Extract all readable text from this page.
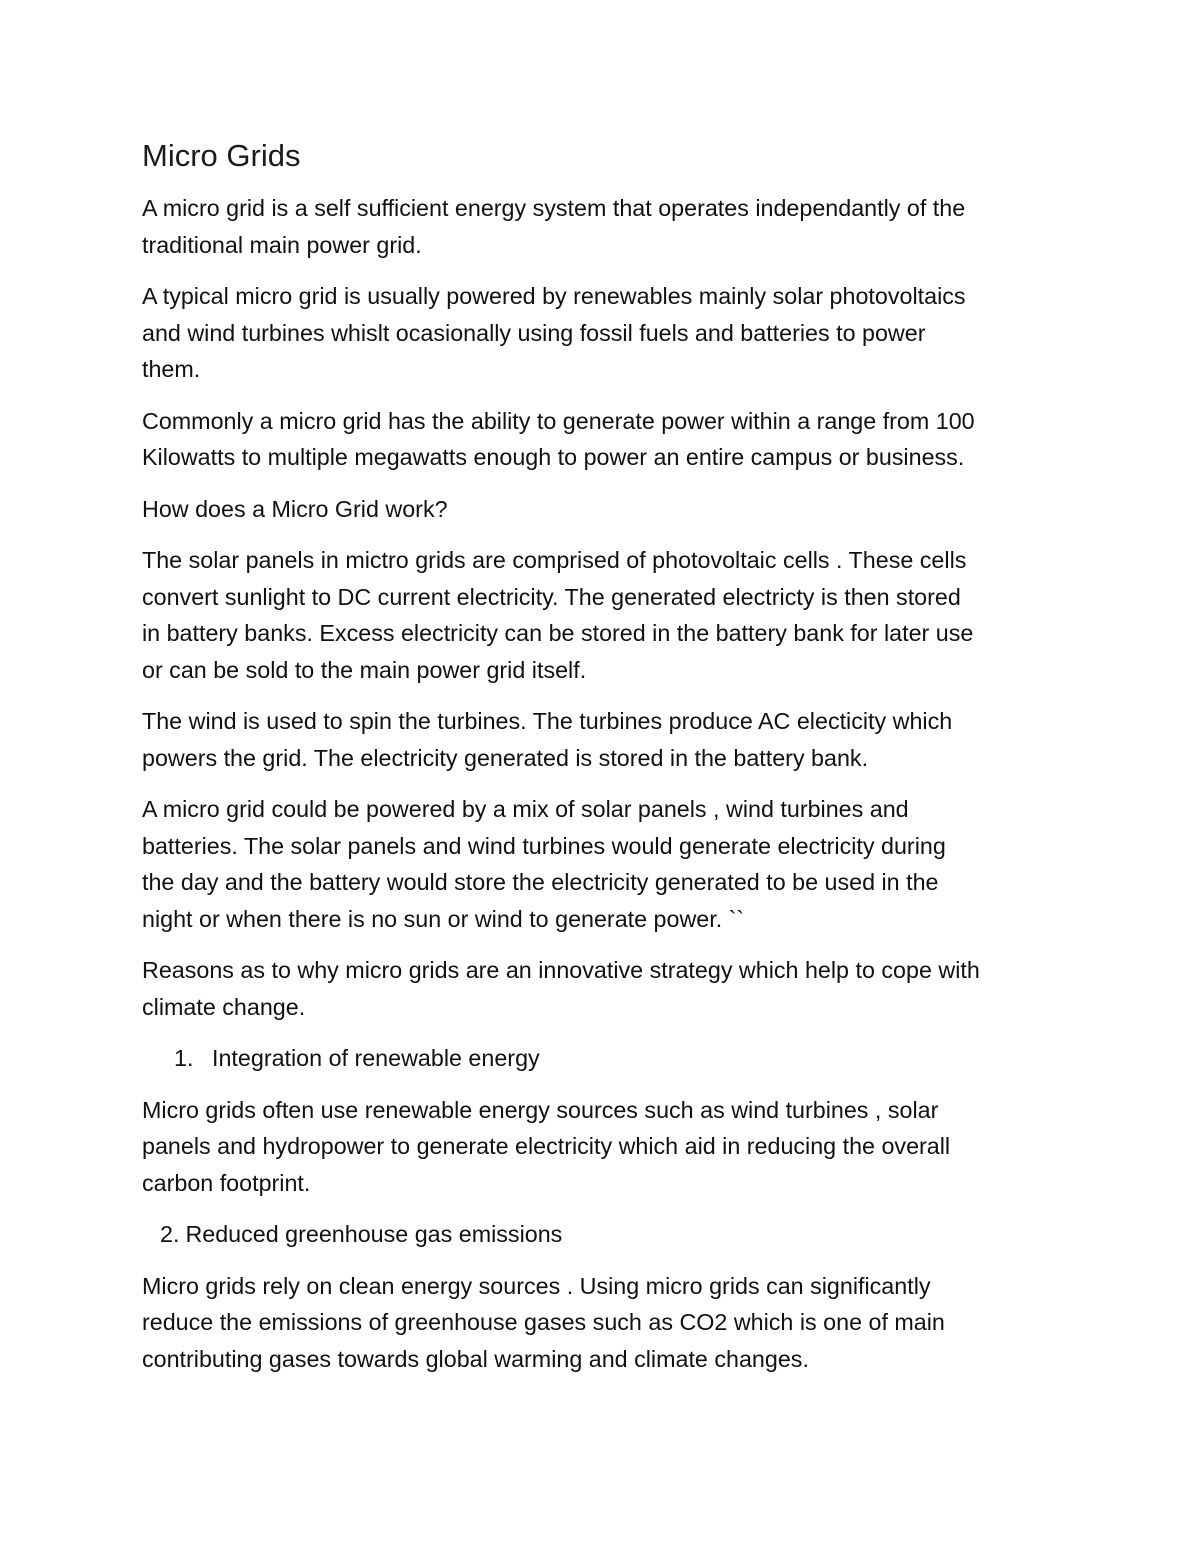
Micro Grids

A micro grid is a self sufficient energy system that operates independantly of the
traditional main power grid.

A typical micro grid is usually powered by renewables mainly solar photovoltaics
and wind turbines whislt ocasionally using fossil fuels and batteries to power
them.

Commonly a micro grid has the ability to generate power within a range from 100
Kilowatts to multiple megawatts enough to power an entire campus or business.

How does a Micro Grid work?

The solar panels in mictro grids are comprised of photovoltaic cells . These cells
convert sunlight to DC current electricity. The generated electricty is then stored
in battery banks. Excess electricity can be stored in the battery bank for later use
or can be sold to the main power grid itself.

The wind is used to spin the turbines. The turbines produce AC electicity which
powers the grid. The electricity generated is stored in the battery bank.

A micro grid could be powered by a mix of solar panels , wind turbines and
batteries. The solar panels and wind turbines would generate electricity during
the day and the battery would store the electricity generated to be used in the
night or when there is no sun or wind to generate power. ``

Reasons as to why micro grids are an innovative strategy which help to cope with
climate change.

1. Integration of renewable energy

Micro grids often use renewable energy sources such as wind turbines , solar
panels and hydropower to generate electricity which aid in reducing the overall
carbon footprint.

2. Reduced greenhouse gas emissions

Micro grids rely on clean energy sources . Using micro grids can significantly
reduce the emissions of greenhouse gases such as CO2 which is one of main
contributing gases towards global warming and climate changes.
